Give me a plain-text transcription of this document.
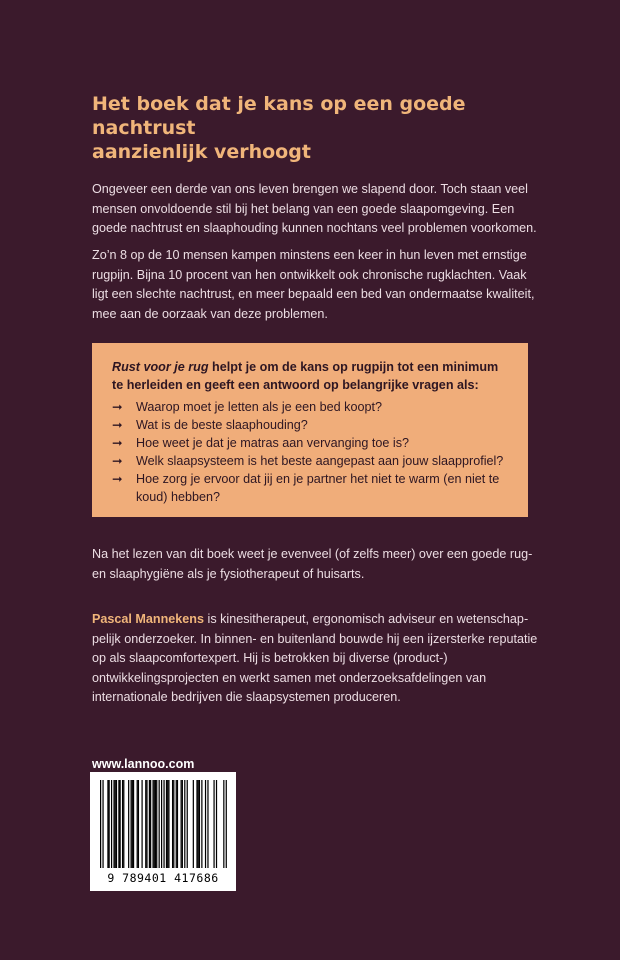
Het boek dat je kans op een goede nachtrust
aanzienlijk verhoogt

Ongeveer een derde van ons leven brengen we slapend door. Toch staan veel mensen onvoldoende stil bij het belang van een goede slaapomgeving. Een goede nachtrust en slaaphouding kunnen nochtans veel problemen voorkomen.

Zo’n 8 op de 10 mensen kampen minstens een keer in hun leven met ernstige rugpijn. Bijna 10 procent van hen ontwikkelt ook chronische rugklachten. Vaak ligt een slechte nachtrust, en meer bepaald een bed van ondermaatse kwaliteit, mee aan de oorzaak van deze problemen.

Rust voor je rug helpt je om de kans op rugpijn tot een minimum te herleiden en geeft een antwoord op belangrijke vragen als:

➞ Waarop moet je letten als je een bed koopt?
➞ Wat is de beste slaaphouding?
➞ Hoe weet je dat je matras aan vervanging toe is?
➞ Welk slaapsysteem is het beste aangepast aan jouw slaapprofiel?
➞ Hoe zorg je ervoor dat jij en je partner het niet te warm (en niet te koud) hebben?

Na het lezen van dit boek weet je evenveel (of zelfs meer) over een goede rug- en slaaphygiëne als je fysiotherapeut of huisarts.

Pascal Mannekens is kinesitherapeut, ergonomisch adviseur en wetenschap-pelijk onderzoeker. In binnen- en buitenland bouwde hij een ijzersterke reputatie op als slaapcomfortexpert. Hij is betrokken bij diverse (product-) ontwikkelingsprojecten en werkt samen met onderzoeksafdelingen van internationale bedrijven die slaapsystemen produceren.

www.lannoo.com
9 789401 417686
